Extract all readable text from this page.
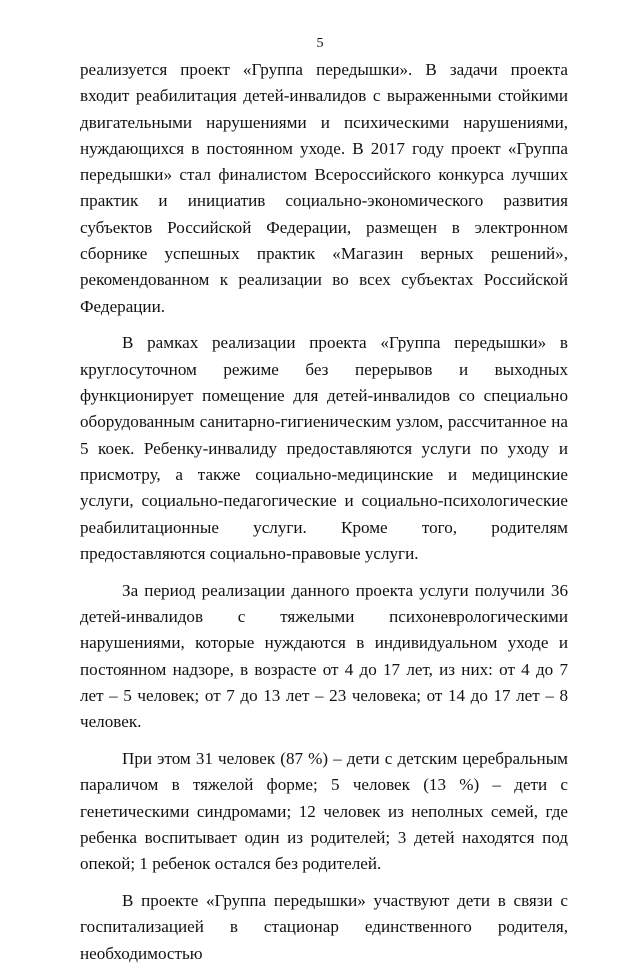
5

реализуется проект «Группа передышки». В задачи проекта входит реабилитация детей-инвалидов с выраженными стойкими двигательными нарушениями и психическими нарушениями, нуждающихся в постоянном уходе. В 2017 году проект «Группа передышки» стал финалистом Всероссийского конкурса лучших практик и инициатив социально-экономического развития субъектов Российской Федерации, размещен в электронном сборнике успешных практик «Магазин верных решений», рекомендованном к реализации во всех субъектах Российской Федерации.

В рамках реализации проекта «Группа передышки» в круглосуточном режиме без перерывов и выходных функционирует помещение для детей-инвалидов со специально оборудованным санитарно-гигиеническим узлом, рассчитанное на 5 коек. Ребенку-инвалиду предоставляются услуги по уходу и присмотру, а также социально-медицинские и медицинские услуги, социально-педагогические и социально-психологические реабилитационные услуги. Кроме того, родителям предоставляются социально-правовые услуги.

За период реализации данного проекта услуги получили 36 детей-инвалидов с тяжелыми психоневрологическими нарушениями, которые нуждаются в индивидуальном уходе и постоянном надзоре, в возрасте от 4 до 17 лет, из них: от 4 до 7 лет – 5 человек; от 7 до 13 лет – 23 человека; от 14 до 17 лет – 8 человек.

При этом 31 человек (87 %) – дети с детским церебральным параличом в тяжелой форме; 5 человек (13 %) – дети с генетическими синдромами; 12 человек из неполных семей, где ребенка воспитывает один из родителей; 3 детей находятся под опекой; 1 ребенок остался без родителей.

В проекте «Группа передышки» участвуют дети в связи с госпитализацией в стационар единственного родителя, необходимостью
